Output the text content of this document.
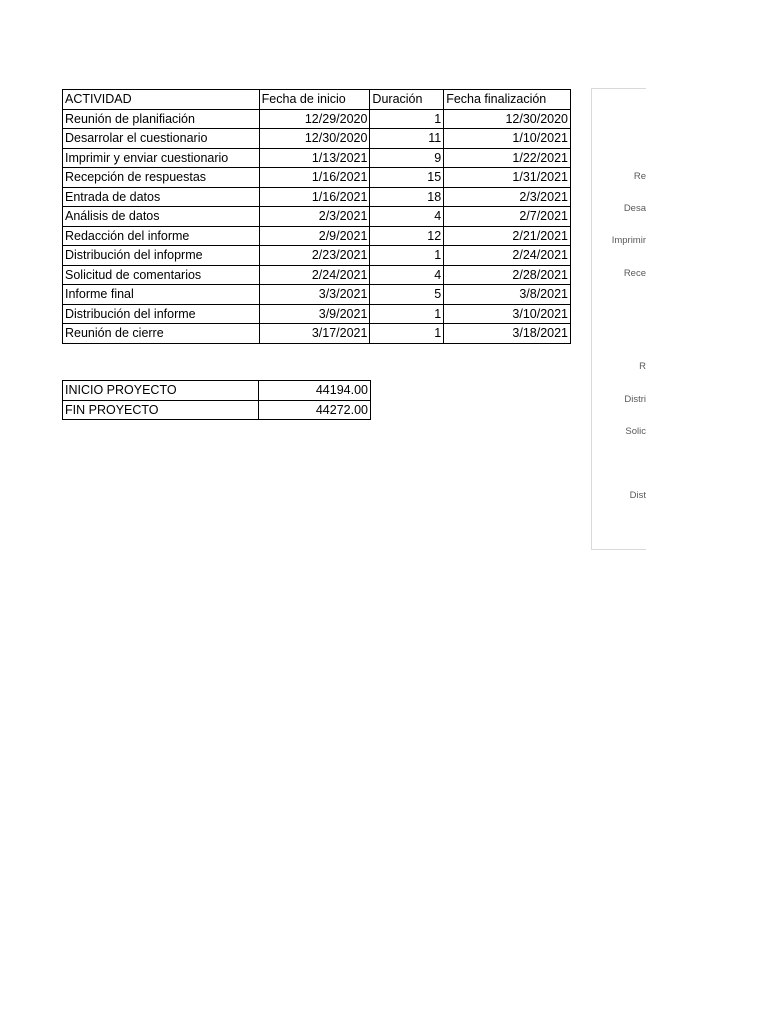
ACTIVIDAD	Fecha de inicio	Duración	Fecha finalización
Reunión de planifiación	12/29/2020	1	12/30/2020
Desarrolar el cuestionario	12/30/2020	11	1/10/2021
Imprimir y enviar cuestionario	1/13/2021	9	1/22/2021
Recepción de respuestas	1/16/2021	15	1/31/2021
Entrada de datos	1/16/2021	18	2/3/2021
Análisis de datos	2/3/2021	4	2/7/2021
Redacción del informe	2/9/2021	12	2/21/2021
Distribución del infoprme	2/23/2021	1	2/24/2021
Solicitud de comentarios	2/24/2021	4	2/28/2021
Informe final	3/3/2021	5	3/8/2021
Distribución del informe	3/9/2021	1	3/10/2021
Reunión de cierre	3/17/2021	1	3/18/2021
INICIO PROYECTO	44194.00
FIN PROYECTO	44272.00
Re
Desa
Imprimir
Rece
R
Distri
Solic
Dist
